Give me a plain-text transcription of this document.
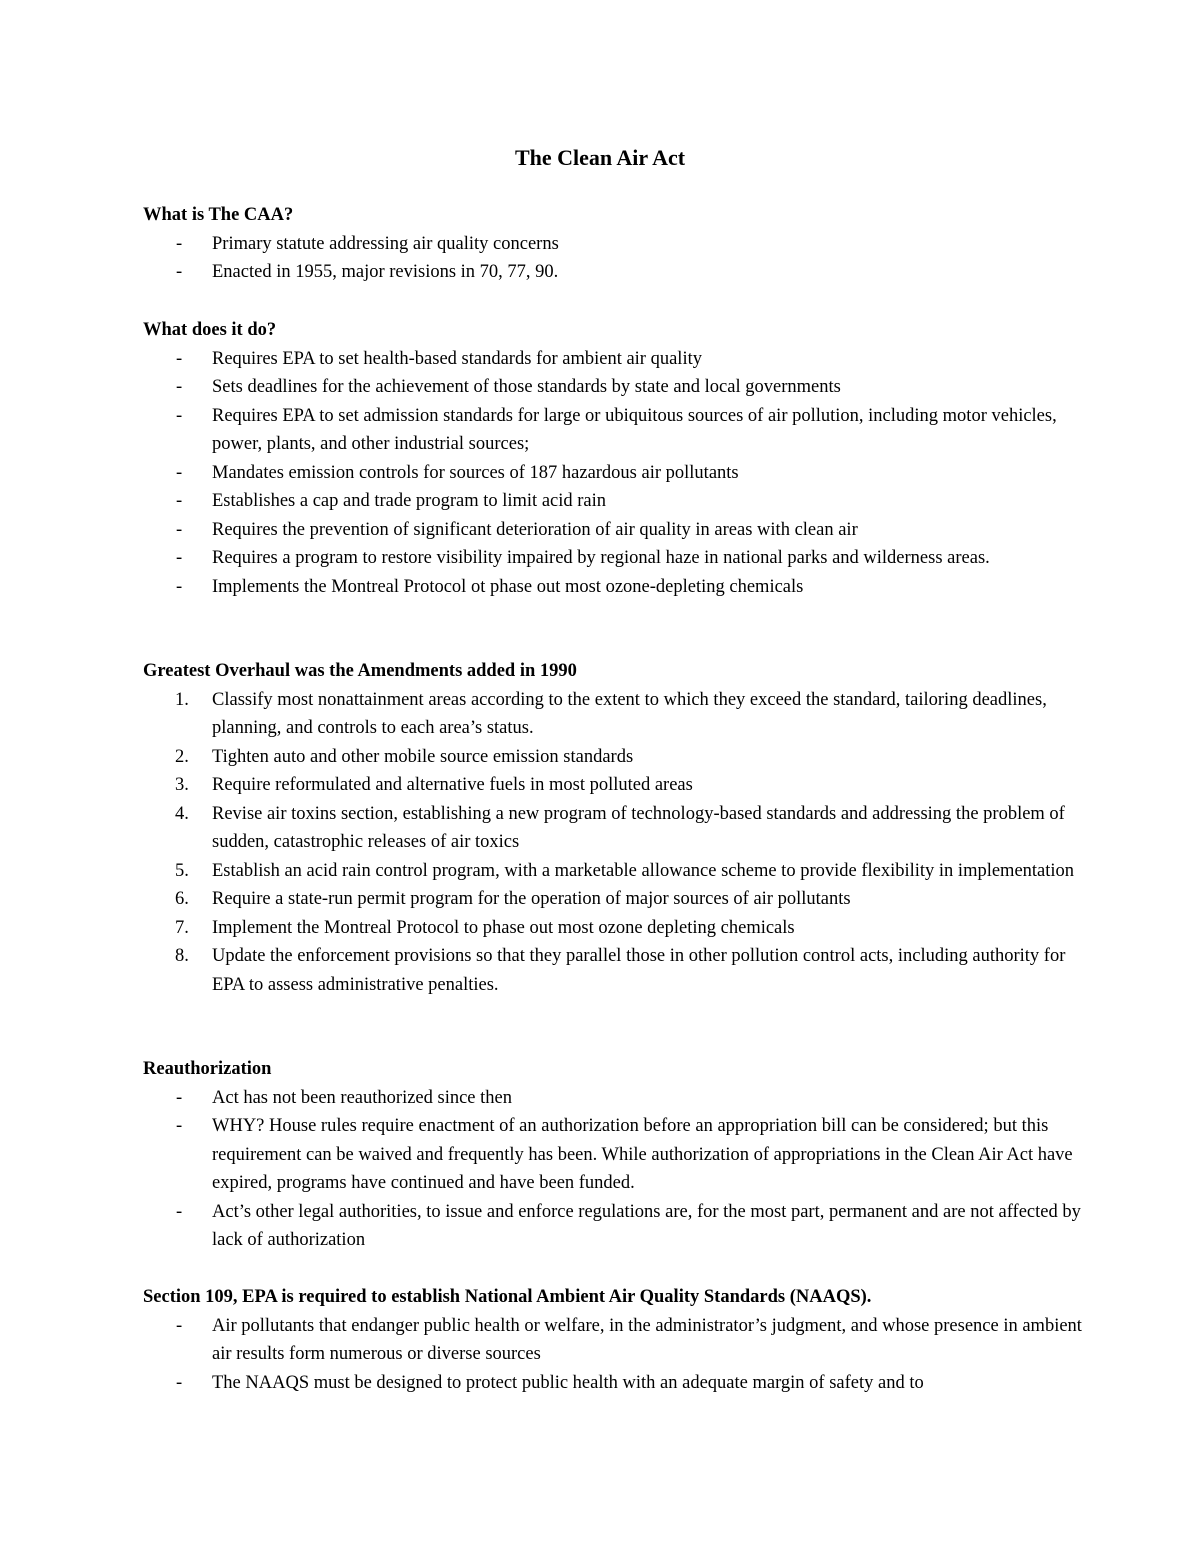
The Clean Air Act

What is The CAA?

- Primary statute addressing air quality concerns
- Enacted in 1955, major revisions in 70, 77, 90.

What does it do?

- Requires EPA to set health-based standards for ambient air quality
- Sets deadlines for the achievement of those standards by state and local governments
- Requires EPA to set admission standards for large or ubiquitous sources of air pollution, including motor vehicles, power, plants, and other industrial sources;
- Mandates emission controls for sources of 187 hazardous air pollutants
- Establishes a cap and trade program to limit acid rain
- Requires the prevention of significant deterioration of air quality in areas with clean air
- Requires a program to restore visibility impaired by regional haze in national parks and wilderness areas.
- Implements the Montreal Protocol ot phase out most ozone-depleting chemicals

Greatest Overhaul was the Amendments added in 1990

1. Classify most nonattainment areas according to the extent to which they exceed the standard, tailoring deadlines, planning, and controls to each area’s status.
2. Tighten auto and other mobile source emission standards
3. Require reformulated and alternative fuels in most polluted areas
4. Revise air toxins section, establishing a new program of technology-based standards and addressing the problem of sudden, catastrophic releases of air toxics
5. Establish an acid rain control program, with a marketable allowance scheme to provide flexibility in implementation
6. Require a state-run permit program for the operation of major sources of air pollutants
7. Implement the Montreal Protocol to phase out most ozone depleting chemicals
8. Update the enforcement provisions so that they parallel those in other pollution control acts, including authority for EPA to assess administrative penalties.

Reauthorization

- Act has not been reauthorized since then
- WHY? House rules require enactment of an authorization before an appropriation bill can be considered; but this requirement can be waived and frequently has been. While authorization of appropriations in the Clean Air Act have expired, programs have continued and have been funded.
- Act’s other legal authorities, to issue and enforce regulations are, for the most part, permanent and are not affected by lack of authorization

Section 109, EPA is required to establish National Ambient Air Quality Standards (NAAQS).

- Air pollutants that endanger public health or welfare, in the administrator’s judgment, and whose presence in ambient air results form numerous or diverse sources
- The NAAQS must be designed to protect public health with an adequate margin of safety and to
